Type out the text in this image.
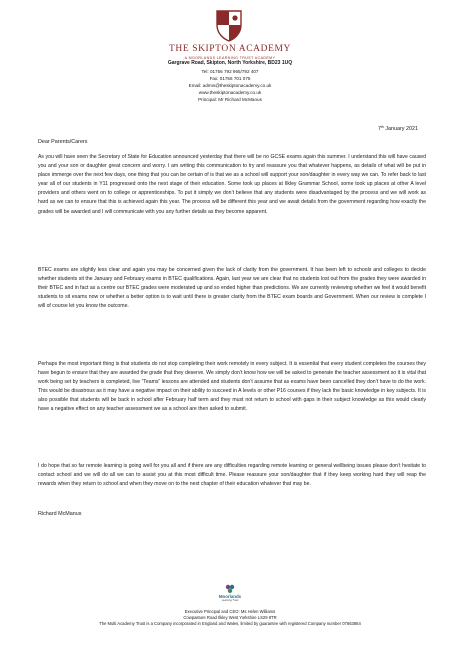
THE SKIPTON ACADEMY
A MOORLANDS LEARNING TRUST ACADEMY
Gargrave Road, Skipton, North Yorkshire, BD23 1UQ
Tel: 01756 792 965/792 407
Fax: 01756 701 075
Email: admin@theskiptonacademy.co.uk
www.theskiptonacademy.co.uk
Principal: Mr Richard McManus
7th January 2021
Dear Parents/Carers

As you will have seen the Secretary of State for Education announced yesterday that there will be no GCSE exams again this summer. I understand this will have caused you and your son or daughter great concern and worry. I am writing this communication to try and reassure you that whatever happens, as details of what will be put in place immerge over the next few days, one thing that you can be certain of is that we as a school will support your son/daughter in every way we can. To refer back to last year all of our students in Y11 progressed onto the next stage of their education. Some took up places at Ilkley Grammar School, some took up places at other A level providers and others went on to college or apprenticeships. To put it simply we don’t believe that any students were disadvantaged by the process and we will work as hard as we can to ensure that this is achieved again this year. The process will be different this year and we await details from the government regarding how exactly the grades will be awarded and I will communicate with you any further details as they become apparent.

BTEC exams are slightly less clear and again you may be concerned given the lack of clarity from the government. It has been left to schools and colleges to decide whether students sit the January and February exams in BTEC qualifications. Again, last year we are clear that no students lost out from the grades they were awarded in their BTEC and in fact as a centre our BTEC grades were moderated up and so ended higher than predictions. We are currently reviewing whether we feel it would benefit students to sit exams now or whether a better option is to wait until there is greater clarity from the BTEC exam boards and Government. When our review is complete I will of course let you know the outcome.

Perhaps the most important thing is that students do not stop completing their work remotely in every subject. It is essential that every student completes the courses they have begun to ensure that they are awarded the grade that they deserve. We simply don’t know how we will be asked to generate the teacher assessment so it is vital that work being set by teachers is completed, live “Teams” lessons are attended and students don’t assume that as exams have been cancelled they don’t have to do the work. This would be disastrous as it may have a negative impact on their ability to succeed in A levels or other P16 courses if they lack the basic knowledge in key subjects. It is also possible that students will be back in school after February half term and they must not return to school with gaps in their subject knowledge as this would clearly have a negative effect on any teacher assessment we as a school are then asked to submit.

I do hope that so far remote learning is going well for you all and if there are any difficulties regarding remote learning or general wellbeing issues please don’t hesitate to contact school and we will do all we can to assist you at this most difficult time. Please reassure your son/daughter that if they keep working hard they will reap the rewards when they return to school and when they move on to the next chapter of their education whatever that may be.

Richard McManus
Moorlands
Learning Trust
Executive Principal and CEO: Ms Helen Williams
Cowpasture Road Ilkley West Yorkshire LS29 8TR
The Multi Academy Trust is a Company incorporated in England and Wales, limited by guarantee with registered Company number 07663864
